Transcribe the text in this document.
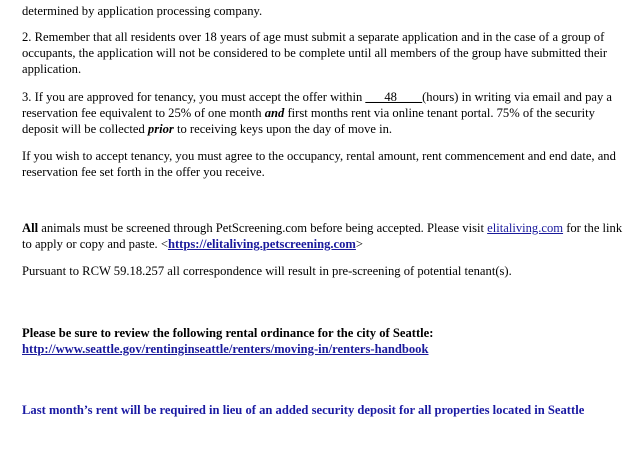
determined by application processing company.

2. Remember that all residents over 18 years of age must submit a separate application and in the case of a group of occupants, the application will not be considered to be complete until all members of the group have submitted their application.

3. If you are approved for tenancy, you must accept the offer within ___48____(hours) in writing via email and pay a reservation fee equivalent to 25% of one month and first months rent via online tenant portal. 75% of the security deposit will be collected prior to receiving keys upon the day of move in.

If you wish to accept tenancy, you must agree to the occupancy, rental amount, rent commencement and end date, and reservation fee set forth in the offer you receive.

All animals must be screened through PetScreening.com before being accepted. Please visit elitaliving.com for the link to apply or copy and paste. <https://elitaliving.petscreening.com>

Pursuant to RCW 59.18.257 all correspondence will result in pre-screening of potential tenant(s).

Please be sure to review the following rental ordinance for the city of Seattle:
http://www.seattle.gov/rentinginseattle/renters/moving-in/renters-handbook

Last month’s rent will be required in lieu of an added security deposit for all properties located in Seattle
